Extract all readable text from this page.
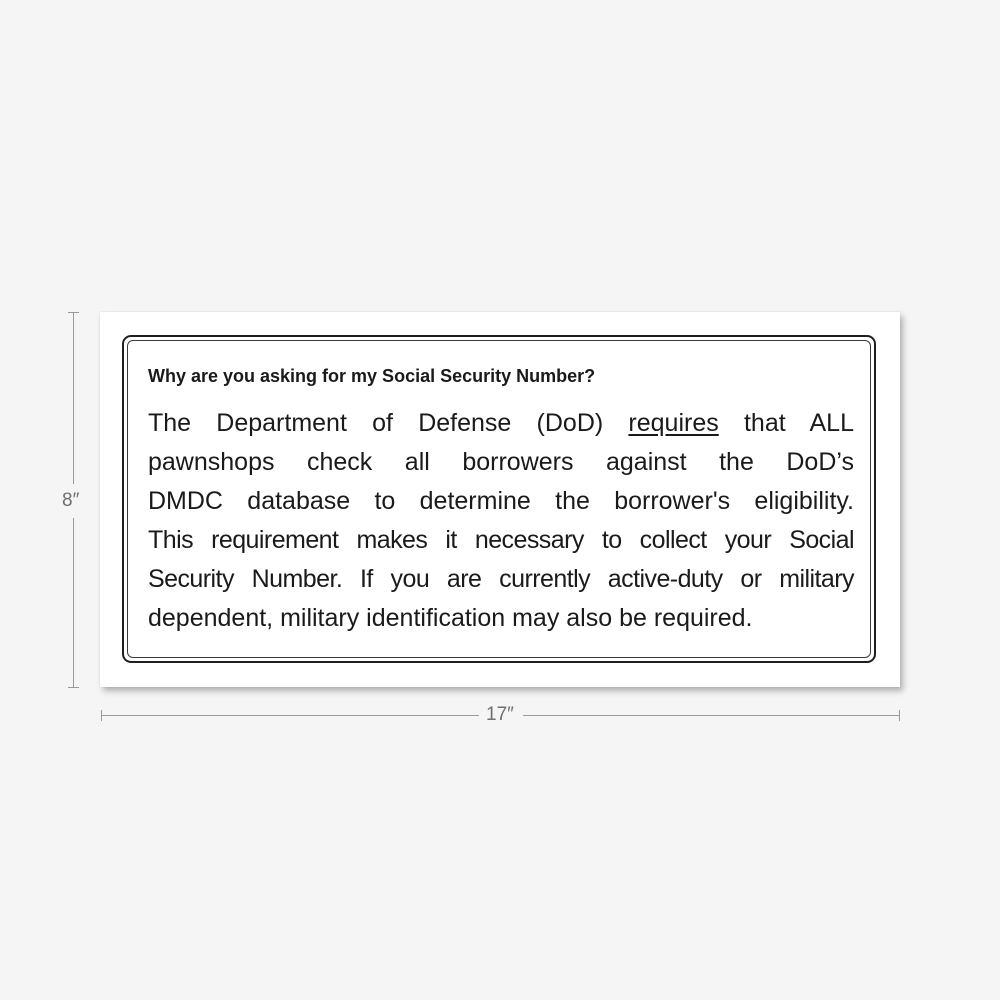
8″
17″
Why are you asking for my Social Security Number?
The Department of Defense (DoD) requires that ALL
pawnshops check all borrowers against the DoD’s
DMDC database to determine the borrower's eligibility.
This requirement makes it necessary to collect your Social
Security Number. If you are currently active-duty or military
dependent, military identification may also be required.
